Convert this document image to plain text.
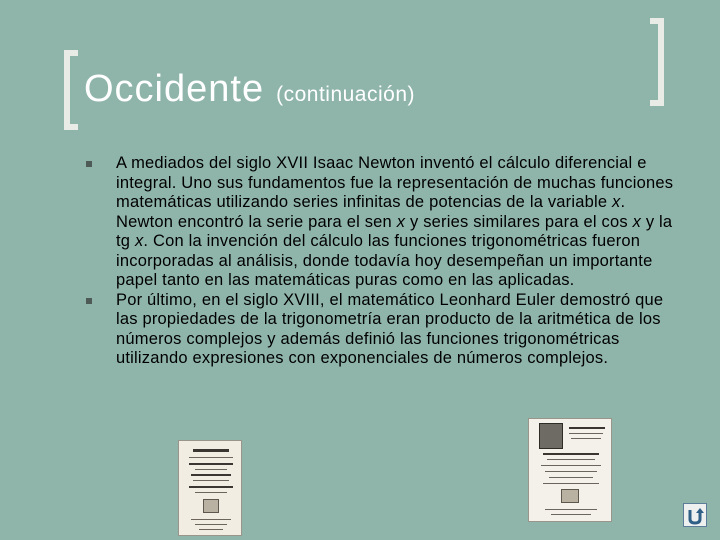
Occidente (continuación)
A mediados del siglo XVII Isaac Newton inventó el cálculo diferencial e integral. Uno sus fundamentos fue la representación de muchas funciones matemáticas utilizando series infinitas de potencias de la variable x. Newton encontró la serie para el sen x y series similares para el cos x y la tg x. Con la invención del cálculo las funciones trigonométricas fueron incorporadas al análisis, donde todavía hoy desempeñan un importante papel tanto en las matemáticas puras como en las aplicadas.
Por último, en el siglo XVIII, el matemático Leonhard Euler demostró que las propiedades de la trigonometría eran producto de la aritmética de los números complejos y además definió las funciones trigonométricas utilizando expresiones con exponenciales de números complejos.
